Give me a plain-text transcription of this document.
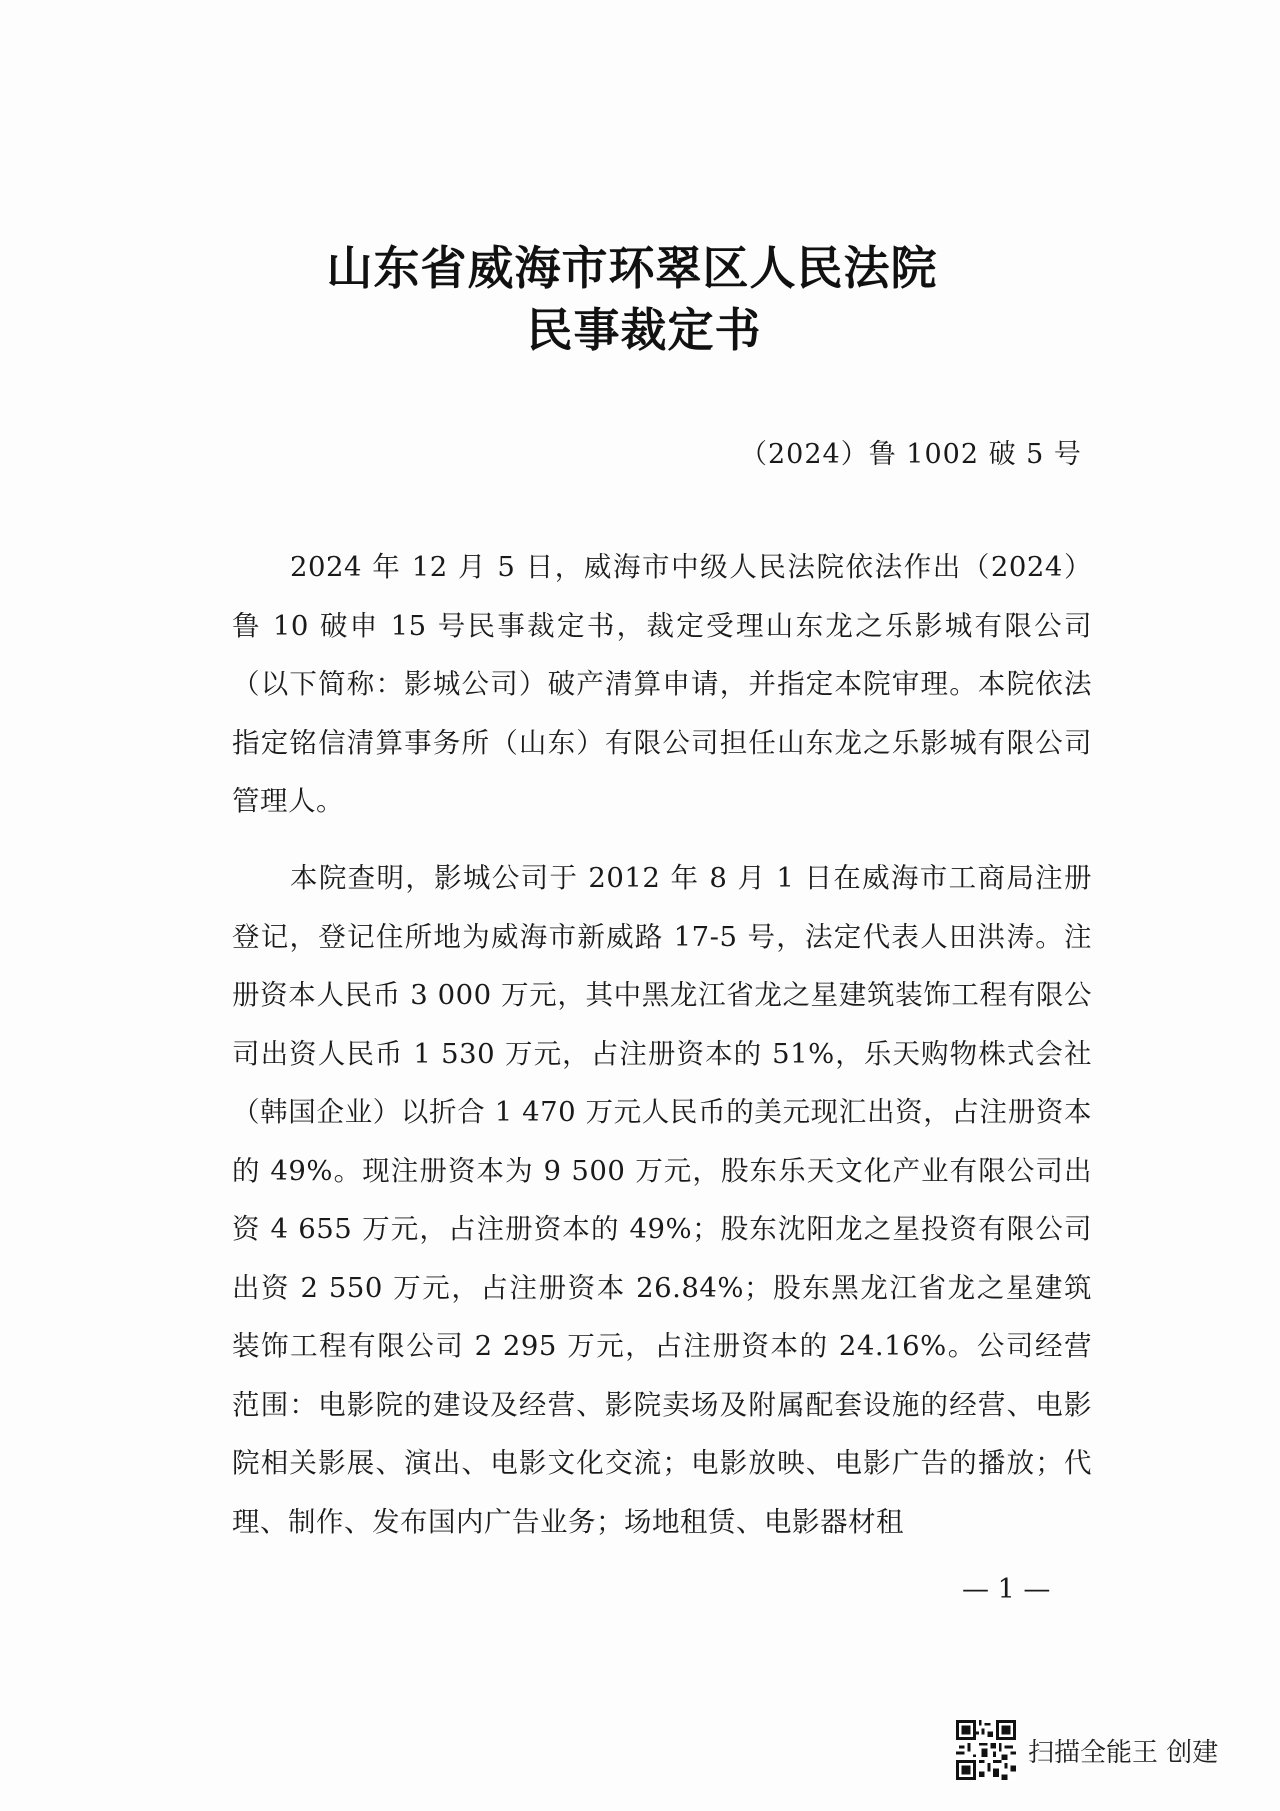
山东省威海市环翠区人民法院
民事裁定书
（2024）鲁 1002 破 5 号

2024 年 12 月 5 日，威海市中级人民法院依法作出（2024）鲁 10 破申 15 号民事裁定书，裁定受理山东龙之乐影城有限公司（以下简称：影城公司）破产清算申请，并指定本院审理。本院依法指定铭信清算事务所（山东）有限公司担任山东龙之乐影城有限公司管理人。

本院查明，影城公司于 2012 年 8 月 1 日在威海市工商局注册登记，登记住所地为威海市新威路 17-5 号，法定代表人田洪涛。注册资本人民币 3 000 万元，其中黑龙江省龙之星建筑装饰工程有限公司出资人民币 1 530 万元，占注册资本的 51%，乐天购物株式会社（韩国企业）以折合 1 470 万元人民币的美元现汇出资，占注册资本的 49%。现注册资本为 9 500 万元，股东乐天文化产业有限公司出资 4 655 万元，占注册资本的 49%；股东沈阳龙之星投资有限公司出资 2 550 万元，占注册资本 26.84%；股东黑龙江省龙之星建筑装饰工程有限公司 2 295 万元，占注册资本的 24.16%。公司经营范围：电影院的建设及经营、影院卖场及附属配套设施的经营、电影院相关影展、演出、电影文化交流；电影放映、电影广告的播放；代理、制作、发布国内广告业务；场地租赁、电影器材租

— 1 —
扫描全能王 创建
